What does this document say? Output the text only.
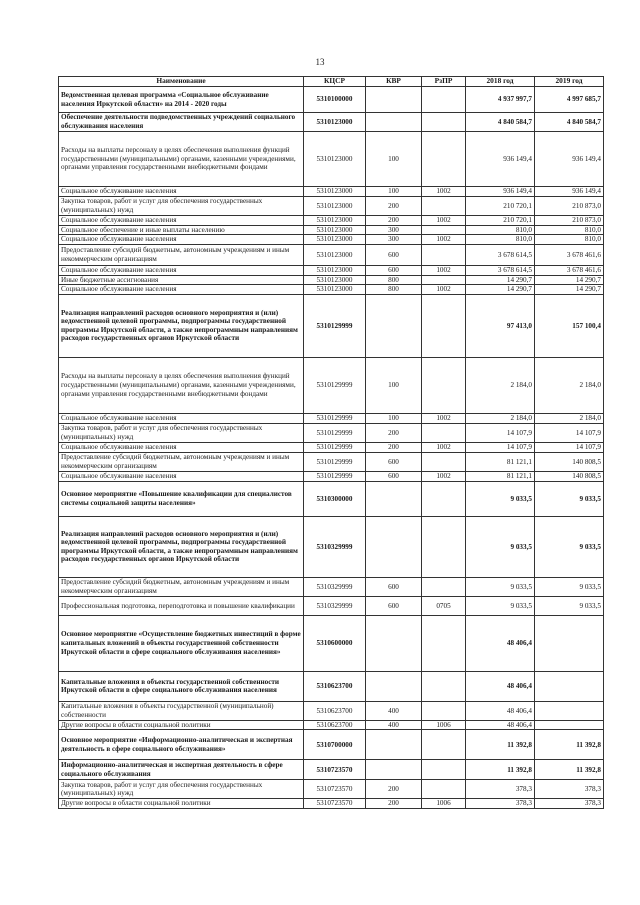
13
Наименование	КЦСР	КВР	РзПР	2018 год	2019 год
Ведомственная целевая программа «Социальное обслуживание населения Иркутской области» на 2014 - 2020 годы	5310100000			4 937 997,7	4 997 685,7
Обеспечение деятельности подведомственных учреждений социального обслуживания населения	5310123000			4 840 584,7	4 840 584,7
Расходы на выплаты персоналу в целях обеспечения выполнения функций государственными (муниципальными) органами, казенными учреждениями, органами управления государственными внебюджетными фондами	5310123000	100		936 149,4	936 149,4
Социальное обслуживание населения	5310123000	100	1002	936 149,4	936 149,4
Закупка товаров, работ и услуг для обеспечения государственных (муниципальных) нужд	5310123000	200		210 720,1	210 873,0
Социальное обслуживание населения	5310123000	200	1002	210 720,1	210 873,0
Социальное обеспечение и иные выплаты населению	5310123000	300		810,0	810,0
Социальное обслуживание населения	5310123000	300	1002	810,0	810,0
Предоставление субсидий бюджетным, автономным учреждениям и иным некоммерческим организациям	5310123000	600		3 678 614,5	3 678 461,6
Социальное обслуживание населения	5310123000	600	1002	3 678 614,5	3 678 461,6
Иные бюджетные ассигнования	5310123000	800		14 290,7	14 290,7
Социальное обслуживание населения	5310123000	800	1002	14 290,7	14 290,7
Реализация направлений расходов основного мероприятия и (или) ведомственной целевой программы, подпрограммы государственной программы Иркутской области, а также непрограммным направлениям расходов государственных органов Иркутской области	5310129999			97 413,0	157 100,4
Расходы на выплаты персоналу в целях обеспечения выполнения функций государственными (муниципальными) органами, казенными учреждениями, органами управления государственными внебюджетными фондами	5310129999	100		2 184,0	2 184,0
Социальное обслуживание населения	5310129999	100	1002	2 184,0	2 184,0
Закупка товаров, работ и услуг для обеспечения государственных (муниципальных) нужд	5310129999	200		14 107,9	14 107,9
Социальное обслуживание населения	5310129999	200	1002	14 107,9	14 107,9
Предоставление субсидий бюджетным, автономным учреждениям и иным некоммерческим организациям	5310129999	600		81 121,1	140 808,5
Социальное обслуживание населения	5310129999	600	1002	81 121,1	140 808,5
Основное мероприятие «Повышение квалификации для специалистов системы социальной защиты населения»	5310300000			9 033,5	9 033,5
Реализация направлений расходов основного мероприятия и (или) ведомственной целевой программы, подпрограммы государственной программы Иркутской области, а также непрограммным направлениям расходов государственных органов Иркутской области	5310329999			9 033,5	9 033,5
Предоставление субсидий бюджетным, автономным учреждениям и иным некоммерческим организациям	5310329999	600		9 033,5	9 033,5
Профессиональная подготовка, переподготовка и повышение квалификации	5310329999	600	0705	9 033,5	9 033,5
Основное мероприятие «Осуществление бюджетных инвестиций в форме капитальных вложений в объекты государственной собственности Иркутской области в сфере социального обслуживания населения»	5310600000			48 406,4	
Капитальные вложения в объекты государственной собственности Иркутской области в сфере социального обслуживания населения	5310623700			48 406,4	
Капитальные вложения в объекты государственной (муниципальной) собственности	5310623700	400		48 406,4	
Другие вопросы в области социальной политики	5310623700	400	1006	48 406,4	
Основное мероприятие «Информационно-аналитическая и экспертная деятельность в сфере социального обслуживания»	5310700000			11 392,8	11 392,8
Информационно-аналитическая и экспертная деятельность в сфере социального обслуживания	5310723570			11 392,8	11 392,8
Закупка товаров, работ и услуг для обеспечения государственных (муниципальных) нужд	5310723570	200		378,3	378,3
Другие вопросы в области социальной политики	5310723570	200	1006	378,3	378,3
